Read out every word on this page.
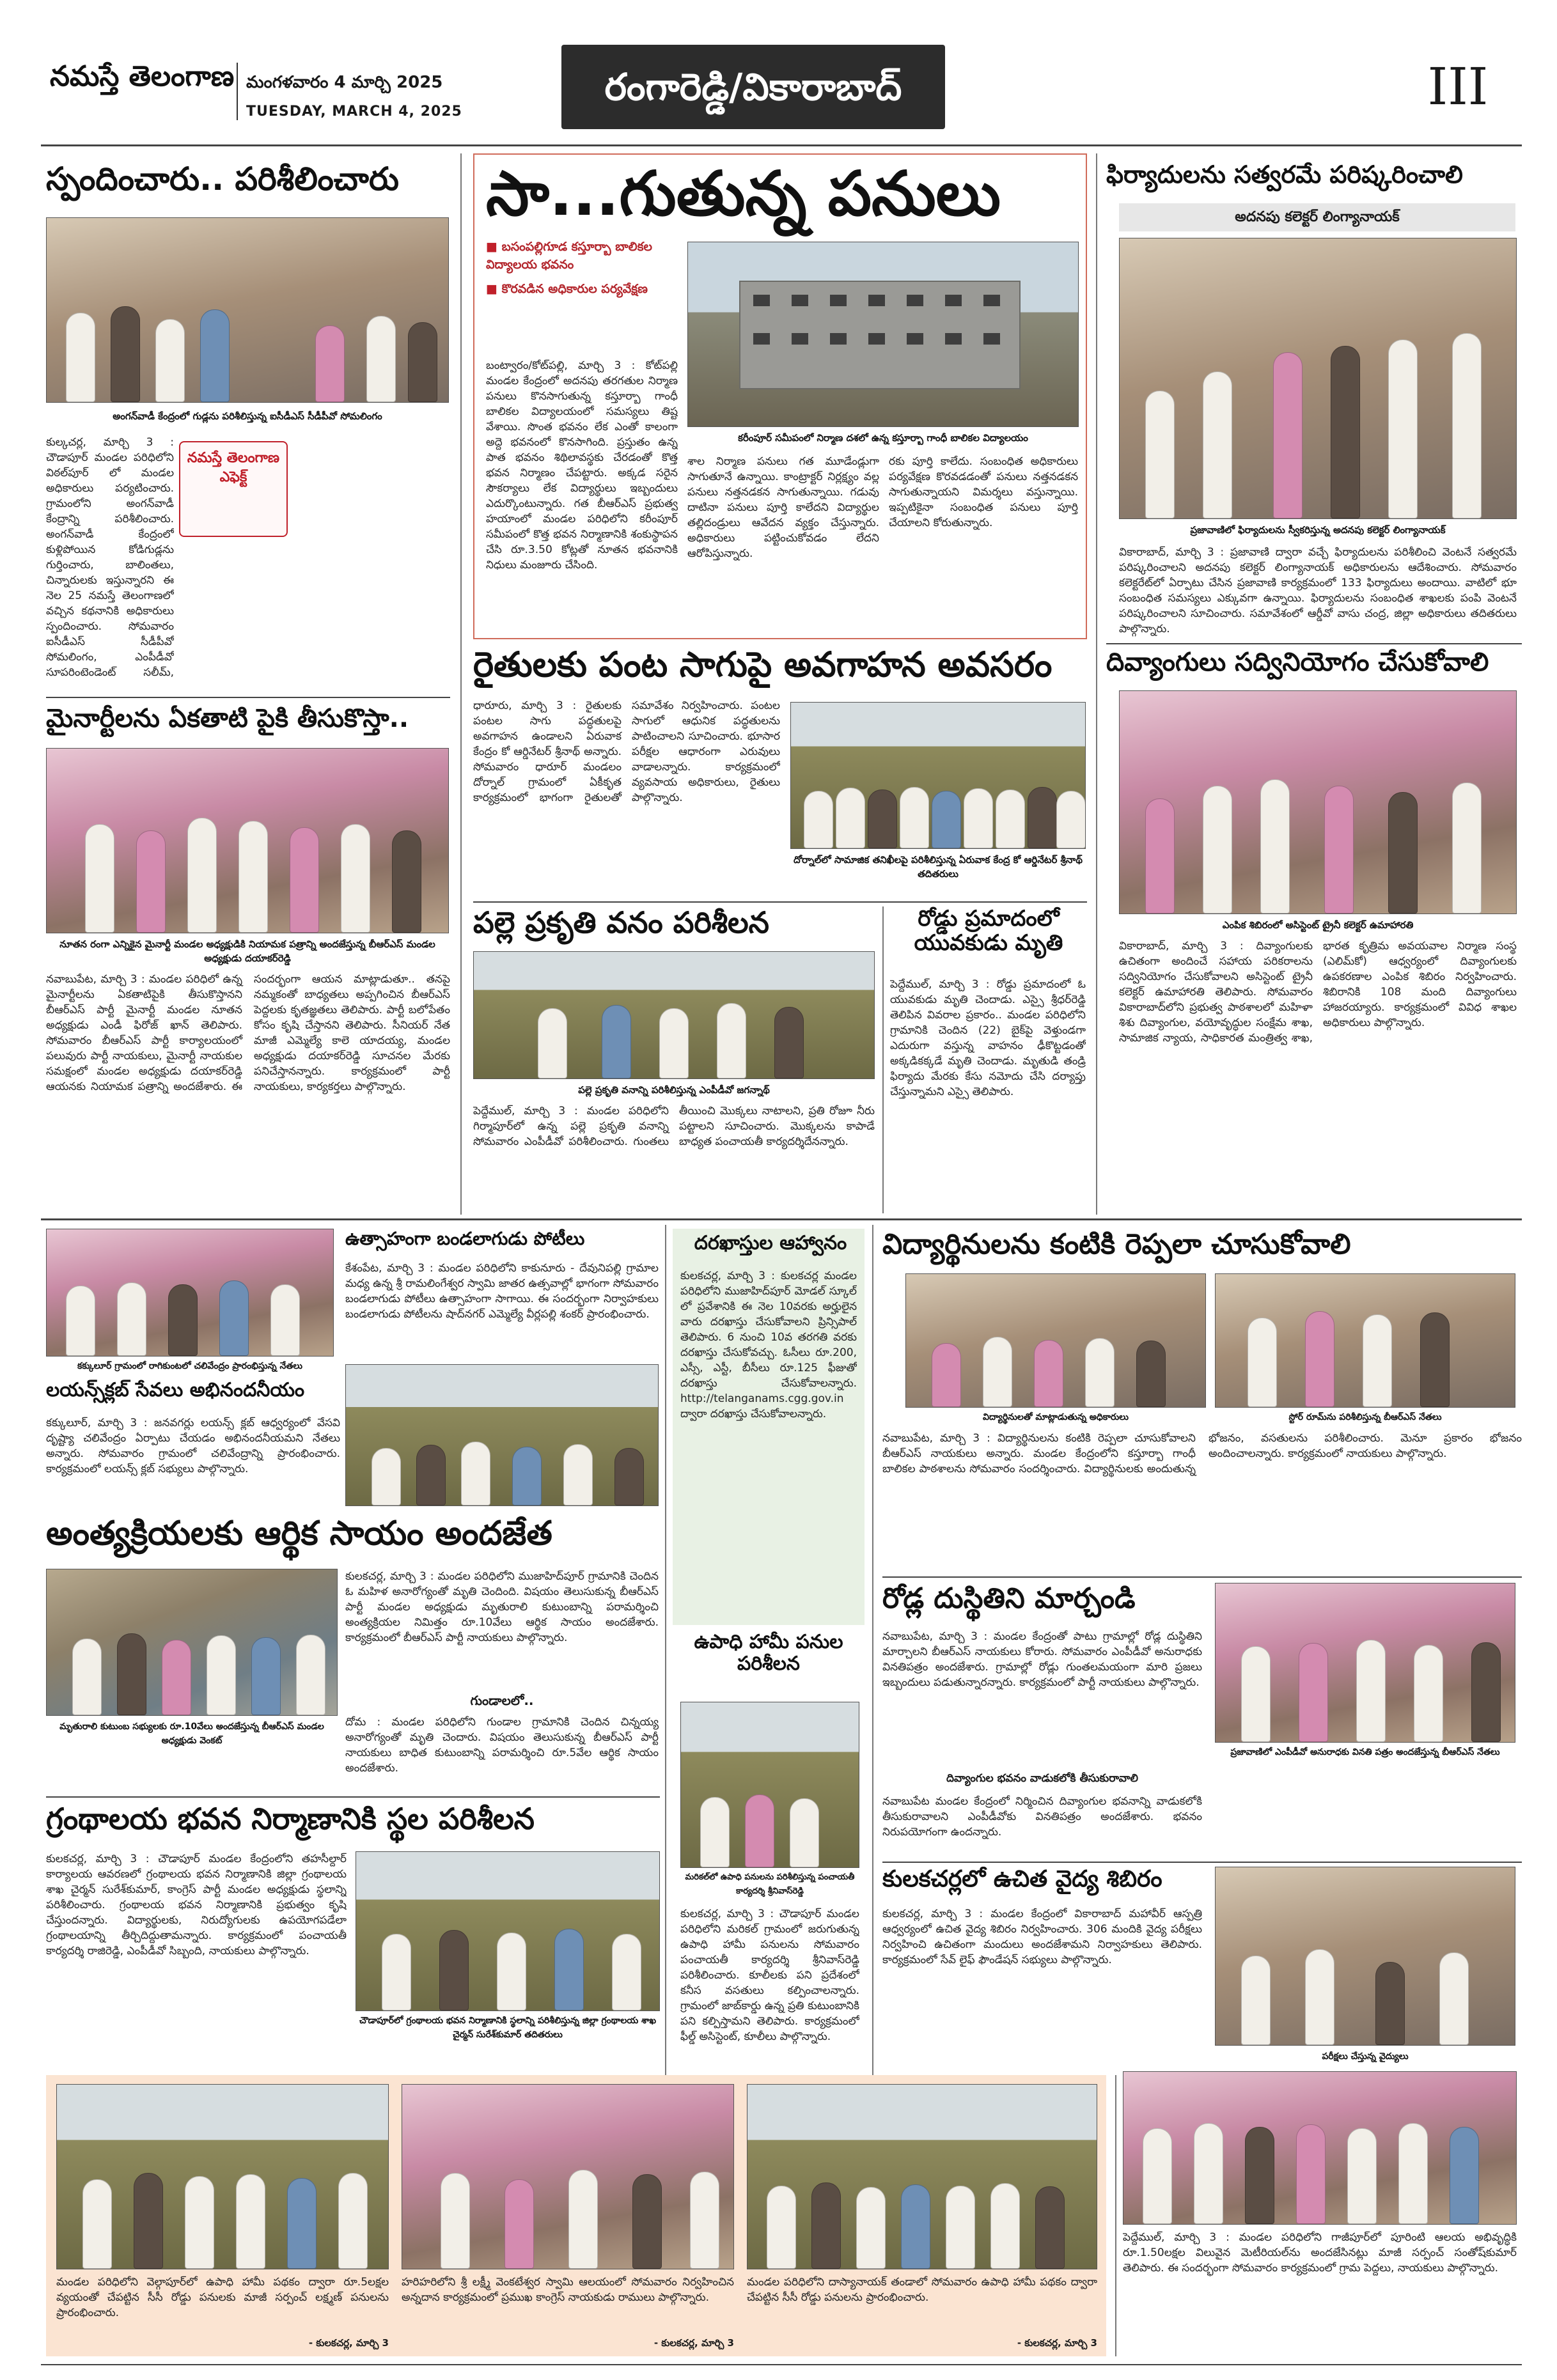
నమస్తే తెలంగాణ మంగళవారం 4 మార్చి 2025
TUESDAY, MARCH 4, 2025
రంగారెడ్డి/వికారాబాద్	III
స్పందించారు.. పరిశీలించారు
అంగన్‌వాడీ కేంద్రంలో గుడ్లను పరిశీలిస్తున్న ఐసీడీఎస్ సీడీపీవో సోమలింగం
నమస్తే తెలంగాణ ఎఫెక్ట్
కుల్కచర్ల, మార్చి 3 : చౌడాపూర్ మండల పరిధిలోని విఠల్‌పూర్ లో మండల అధికారులు పర్యటించారు. గ్రామంలోని అంగన్‌వాడీ కేంద్రాన్ని పరిశీలించారు. అంగన్‌వాడీ కేంద్రంలో కుళ్లిపోయిన కోడిగుడ్లను గుర్తించారు, బాలింతలు, చిన్నారులకు ఇస్తున్నారని ఈ నెల 25 నమస్తే తెలంగాణలో వచ్చిన కథనానికి అధికారులు స్పందించారు. సోమవారం ఐసీడీఎస్ సీడీపీవో సోమలింగం, ఎంపీడీవో సూపరింటెండెంట్ సలీమ్,
మైనార్టీలను ఏకతాటి పైకి తీసుకొస్తా..
నూతన రంగా ఎన్నికైన మైనార్టీ మండల అధ్యక్షుడికి నియామక పత్రాన్ని అందజేస్తున్న బీఆర్ఎస్ మండల అధ్యక్షుడు దయాకర్‌రెడ్డి
నవాబుపేట, మార్చి 3 : మండల పరిధిలో ఉన్న మైనార్టీలను ఏకతాటిపైకి తీసుకొస్తానని బీఆర్ఎస్ పార్టీ మైనార్టీ మండల నూతన అధ్యక్షుడు ఎండీ ఫిరోజ్ ఖాన్ తెలిపారు. సోమవారం బీఆర్ఎస్ పార్టీ కార్యాలయంలో పలువురు పార్టీ నాయకులు, మైనార్టీ నాయకుల సమక్షంలో మండల అధ్యక్షుడు దయాకర్‌రెడ్డి ఆయనకు నియామక పత్రాన్ని అందజేశారు. ఈ సందర్భంగా ఆయన మాట్లాడుతూ.. తనపై నమ్మకంతో బాధ్యతలు అప్పగించిన బీఆర్ఎస్ పెద్దలకు కృతజ్ఞతలు తెలిపారు. పార్టీ బలోపేతం కోసం కృషి చేస్తానని తెలిపారు. సీనియర్ నేత మాజీ ఎమ్మెల్యే కాలె యాదయ్య, మండల అధ్యక్షుడు దయాకర్‌రెడ్డి సూచనల మేరకు పనిచేస్తానన్నారు. కార్యక్రమంలో పార్టీ నాయకులు, కార్యకర్తలు పాల్గొన్నారు.
సా...గుతున్న పనులు
■ బసంపల్లిగూడ కస్తూర్బా బాలికల విద్యాలయ భవనం
■ కొరవడిన అధికారుల పర్యవేక్షణ
కరీంపూర్ సమీపంలో నిర్మాణ దశలో ఉన్న కస్తూర్బా గాంధీ బాలికల విద్యాలయం
బంట్వారం/కోట్‌పల్లి, మార్చి 3 : కోట్‌పల్లి మండల కేంద్రంలో అదనపు తరగతుల నిర్మాణ పనులు కొనసాగుతున్న కస్తూర్బా గాంధీ బాలికల విద్యాలయంలో సమస్యలు తిష్ట వేశాయి. సొంత భవనం లేక ఎంతో కాలంగా అద్దె భవనంలో కొనసాగింది. ప్రస్తుతం ఉన్న పాత భవనం శిథిలావస్థకు చేరడంతో కొత్త భవన నిర్మాణం చేపట్టారు. అక్కడ సరైన సౌకర్యాలు లేక విద్యార్థులు ఇబ్బందులు ఎదుర్కొంటున్నారు. గత బీఆర్ఎస్ ప్రభుత్వ హయాంలో మండల పరిధిలోని కరీంపూర్ సమీపంలో కొత్త భవన నిర్మాణానికి శంకుస్థాపన చేసి రూ.3.50 కోట్లతో నూతన భవనానికి నిధులు మంజూరు చేసింది.
శాల నిర్మాణ పనులు గత మూడేండ్లుగా సాగుతూనే ఉన్నాయి. కాంట్రాక్టర్ నిర్లక్ష్యం వల్ల పనులు నత్తనడకన సాగుతున్నాయి. గడువు దాటినా పనులు పూర్తి కాలేదని విద్యార్థుల తల్లిదండ్రులు ఆవేదన వ్యక్తం చేస్తున్నారు. అధికారులు పట్టించుకోవడం లేదని ఆరోపిస్తున్నారు.
రకు పూర్తి కాలేదు. సంబంధిత అధికారులు పర్యవేక్షణ కొరవడడంతో పనులు నత్తనడకన సాగుతున్నాయని విమర్శలు వస్తున్నాయి. ఇప్పటికైనా సంబంధిత పనులు పూర్తి చేయాలని కోరుతున్నారు.
రైతులకు పంట సాగుపై అవగాహన అవసరం
ధారూరు, మార్చి 3 : రైతులకు పంటల సాగు పద్ధతులపై అవగాహన ఉండాలని ఏరువాక కేంద్రం కో ఆర్డినేటర్ శ్రీనాథ్ అన్నారు. సోమవారం ధారూర్ మండలం దోర్నాల్ గ్రామంలో ఏకీకృత కార్యక్రమంలో భాగంగా రైతులతో సమావేశం నిర్వహించారు. పంటల సాగులో ఆధునిక పద్ధతులను పాటించాలని సూచించారు. భూసార పరీక్షల ఆధారంగా ఎరువులు వాడాలన్నారు. కార్యక్రమంలో వ్యవసాయ అధికారులు, రైతులు పాల్గొన్నారు.
దోర్నాల్‌లో సామాజిక తనిఖీలపై పరిశీలిస్తున్న ఏరువాక కేంద్ర కో ఆర్డినేటర్ శ్రీనాథ్ తదితరులు
పల్లె ప్రకృతి వనం పరిశీలన
పల్లె ప్రకృతి వనాన్ని పరిశీలిస్తున్న ఎంపీడీవో జగన్నాథ్
పెద్దేముల్, మార్చి 3 : మండల పరిధిలోని గిర్మాపూర్‌లో ఉన్న పల్లె ప్రకృతి వనాన్ని సోమవారం ఎంపీడీవో పరిశీలించారు. గుంతలు తీయించి మొక్కలు నాటాలని, ప్రతి రోజూ నీరు పట్టాలని సూచించారు. మొక్కలను కాపాడే బాధ్యత పంచాయతీ కార్యదర్శిదేనన్నారు.
రోడ్డు ప్రమాదంలో యువకుడు మృతి
పెద్దేముల్, మార్చి 3 : రోడ్డు ప్రమాదంలో ఓ యువకుడు మృతి చెందాడు. ఎస్సై శ్రీధర్‌రెడ్డి తెలిపిన వివరాల ప్రకారం.. మండల పరిధిలోని గ్రామానికి చెందిన (22) బైక్‌పై వెళ్తుండగా ఎదురుగా వస్తున్న వాహనం ఢీకొట్టడంతో అక్కడికక్కడే మృతి చెందాడు. మృతుడి తండ్రి ఫిర్యాదు మేరకు కేసు నమోదు చేసి దర్యాప్తు చేస్తున్నామని ఎస్సై తెలిపారు.
ఫిర్యాదులను సత్వరమే పరిష్కరించాలి
అదనపు కలెక్టర్ లింగ్యానాయక్
ప్రజావాణిలో ఫిర్యాదులను స్వీకరిస్తున్న అదనపు కలెక్టర్ లింగ్యానాయక్
వికారాబాద్, మార్చి 3 : ప్రజావాణి ద్వారా వచ్చే ఫిర్యాదులను పరిశీలించి వెంటనే సత్వరమే పరిష్కరించాలని అదనపు కలెక్టర్ లింగ్యానాయక్ అధికారులను ఆదేశించారు. సోమవారం కలెక్టరేట్‌లో ఏర్పాటు చేసిన ప్రజావాణి కార్యక్రమంలో 133 ఫిర్యాదులు అందాయి. వాటిలో భూ సంబంధిత సమస్యలు ఎక్కువగా ఉన్నాయి. ఫిర్యాదులను సంబంధిత శాఖలకు పంపి వెంటనే పరిష్కరించాలని సూచించారు. సమావేశంలో ఆర్డీవో వాసు చంద్ర, జిల్లా అధికారులు తదితరులు పాల్గొన్నారు.
దివ్యాంగులు సద్వినియోగం చేసుకోవాలి
ఎంపిక శిబిరంలో అసిస్టెంట్ ట్రైనీ కలెక్టర్ ఉమాహారతి
వికారాబాద్, మార్చి 3 : దివ్యాంగులకు ఉచితంగా అందించే సహాయ పరికరాలను సద్వినియోగం చేసుకోవాలని అసిస్టెంట్ ట్రైనీ కలెక్టర్ ఉమాహారతి తెలిపారు. సోమవారం వికారాబాద్‌లోని ప్రభుత్వ పాఠశాలలో మహిళా శిశు దివ్యాంగుల, వయోవృద్ధుల సంక్షేమ శాఖ, సామాజిక న్యాయ, సాధికారత మంత్రిత్వ శాఖ, భారత కృత్రిమ అవయవాల నిర్మాణ సంస్థ (ఎలిమ్‌కో) ఆధ్వర్యంలో దివ్యాంగులకు ఉపకరణాల ఎంపిక శిబిరం నిర్వహించారు. శిబిరానికి 108 మంది దివ్యాంగులు హాజరయ్యారు. కార్యక్రమంలో వివిధ శాఖల అధికారులు పాల్గొన్నారు.
కక్కులూర్ గ్రామంలో రాగికుంటలో చలివేంద్రం ప్రారంభిస్తున్న నేతలు
లయన్స్‌క్లబ్ సేవలు అభినందనీయం
కక్కులూర్, మార్చి 3 : జనవగర్లు లయన్స్ క్లబ్ ఆధ్వర్యంలో వేసవి దృష్ట్యా చలివేంద్రం ఏర్పాటు చేయడం అభినందనీయమని నేతలు అన్నారు. సోమవారం గ్రామంలో చలివేంద్రాన్ని ప్రారంభించారు. కార్యక్రమంలో లయన్స్ క్లబ్ సభ్యులు పాల్గొన్నారు.
ఉత్సాహంగా బండలాగుడు పోటీలు
కేశంపేట, మార్చి 3 : మండల పరిధిలోని కాకునూరు - దేవునిపల్లి గ్రామాల మధ్య ఉన్న శ్రీ రామలింగేశ్వర స్వామి జాతర ఉత్సవాల్లో భాగంగా సోమవారం బండలాగుడు పోటీలు ఉత్సాహంగా సాగాయి. ఈ సందర్భంగా నిర్వాహకులు బండలాగుడు పోటీలను షాద్‌నగర్ ఎమ్మెల్యే వీర్లపల్లి శంకర్ ప్రారంభించారు.
దరఖాస్తుల ఆహ్వానం
కులకచర్ల, మార్చి 3 : కులకచర్ల మండల పరిధిలోని ముజాహిద్‌పూర్ మోడల్ స్కూల్ లో ప్రవేశానికి ఈ నెల 10వరకు అర్హులైన వారు దరఖాస్తు చేసుకోవాలని ప్రిన్సిపాల్ తెలిపారు. 6 నుంచి 10వ తరగతి వరకు దరఖాస్తు చేసుకోవచ్చు. ఓసీలు రూ.200, ఎస్సీ, ఎస్టీ, బీసీలు రూ.125 ఫీజుతో దరఖాస్తు చేసుకోవాలన్నారు. http://telanganams.cgg.gov.in ద్వారా దరఖాస్తు చేసుకోవాలన్నారు.
విద్యార్థినులను కంటికి రెప్పలా చూసుకోవాలి
విద్యార్థినులతో మాట్లాడుతున్న అధికారులు	స్టోర్ రూమ్‌ను పరిశీలిస్తున్న బీఆర్ఎస్ నేతలు
నవాబుపేట, మార్చి 3 : విద్యార్థినులను కంటికి రెప్పలా చూసుకోవాలని బీఆర్ఎస్ నాయకులు అన్నారు. మండల కేంద్రంలోని కస్తూర్బా గాంధీ బాలికల పాఠశాలను సోమవారం సందర్శించారు. విద్యార్థినులకు అందుతున్న భోజనం, వసతులను పరిశీలించారు. మెనూ ప్రకారం భోజనం అందించాలన్నారు. కార్యక్రమంలో నాయకులు పాల్గొన్నారు.
అంత్యక్రియలకు ఆర్థిక సాయం అందజేత
మృతురాలి కుటుంబ సభ్యులకు రూ.10వేలు అందజేస్తున్న బీఆర్ఎస్ మండల అధ్యక్షుడు వెంకట్
కులకచర్ల, మార్చి 3 : మండల పరిధిలోని ముజాహిద్‌పూర్ గ్రామానికి చెందిన ఓ మహిళ అనారోగ్యంతో మృతి చెందింది. విషయం తెలుసుకున్న బీఆర్ఎస్ పార్టీ మండల అధ్యక్షుడు మృతురాలి కుటుంబాన్ని పరామర్శించి అంత్యక్రియల నిమిత్తం రూ.10వేలు ఆర్థిక సాయం అందజేశారు. కార్యక్రమంలో బీఆర్ఎస్ పార్టీ నాయకులు పాల్గొన్నారు.
గుండాలలో..
దోమ : మండల పరిధిలోని గుండాల గ్రామానికి చెందిన చిన్నయ్య అనారోగ్యంతో మృతి చెందారు. విషయం తెలుసుకున్న బీఆర్ఎస్ పార్టీ నాయకులు బాధిత కుటుంబాన్ని పరామర్శించి రూ.5వేల ఆర్థిక సాయం అందజేశారు.
గ్రంథాలయ భవన నిర్మాణానికి స్థల పరిశీలన
కులకచర్ల, మార్చి 3 : చౌడాపూర్ మండల కేంద్రంలోని తహసీల్దార్ కార్యాలయ ఆవరణలో గ్రంథాలయ భవన నిర్మాణానికి జిల్లా గ్రంథాలయ శాఖ చైర్మన్ సురేశ్‌కుమార్, కాంగ్రెస్ పార్టీ మండల అధ్యక్షుడు స్థలాన్ని పరిశీలించారు. గ్రంథాలయ భవన నిర్మాణానికి ప్రభుత్వం కృషి చేస్తుందన్నారు. విద్యార్థులకు, నిరుద్యోగులకు ఉపయోగపడేలా గ్రంథాలయాన్ని తీర్చిదిద్దుతామన్నారు. కార్యక్రమంలో పంచాయతీ కార్యదర్శి రాజిరెడ్డి, ఎంపీడీవో సిబ్బంది, నాయకులు పాల్గొన్నారు.
చౌడాపూర్‌లో గ్రంథాలయ భవన నిర్మాణానికి స్థలాన్ని పరిశీలిస్తున్న జిల్లా గ్రంథాలయ శాఖ చైర్మన్ సురేశ్‌కుమార్ తదితరులు
ఉపాధి హామీ పనుల పరిశీలన
మరికల్‌లో ఉపాధి పనులను పరిశీలిస్తున్న పంచాయతీ కార్యదర్శి శ్రీనివాస్‌రెడ్డి
కులకచర్ల, మార్చి 3 : చౌడాపూర్ మండల పరిధిలోని మరికల్ గ్రామంలో జరుగుతున్న ఉపాధి హామీ పనులను సోమవారం పంచాయతీ కార్యదర్శి శ్రీనివాస్‌రెడ్డి పరిశీలించారు. కూలీలకు పని ప్రదేశంలో కనీస వసతులు కల్పించాలన్నారు. గ్రామంలో జాబ్‌కార్డు ఉన్న ప్రతి కుటుంబానికి పని కల్పిస్తామని తెలిపారు. కార్యక్రమంలో ఫీల్డ్ అసిస్టెంట్, కూలీలు పాల్గొన్నారు.
రోడ్ల దుస్థితిని మార్చండి
నవాబుపేట, మార్చి 3 : మండల కేంద్రంతో పాటు గ్రామాల్లో రోడ్ల దుస్థితిని మార్చాలని బీఆర్ఎస్ నాయకులు కోరారు. సోమవారం ఎంపీడీవో అనురాధకు వినతిపత్రం అందజేశారు. గ్రామాల్లో రోడ్లు గుంతలమయంగా మారి ప్రజలు ఇబ్బందులు పడుతున్నారన్నారు. కార్యక్రమంలో పార్టీ నాయకులు పాల్గొన్నారు.
దివ్యాంగుల భవనం వాడుకలోకి తీసుకురావాలి
నవాబుపేట మండల కేంద్రంలో నిర్మించిన దివ్యాంగుల భవనాన్ని వాడుకలోకి తీసుకురావాలని ఎంపీడీవోకు వినతిపత్రం అందజేశారు. భవనం నిరుపయోగంగా ఉందన్నారు.
ప్రజావాణిలో ఎంపీడీవో అనురాధకు వినతి పత్రం అందజేస్తున్న బీఆర్ఎస్ నేతలు
కులకచర్లలో ఉచిత వైద్య శిబిరం
కులకచర్ల, మార్చి 3 : మండల కేంద్రంలో వికారాబాద్ మహావీర్ ఆస్పత్రి ఆధ్వర్యంలో ఉచిత వైద్య శిబిరం నిర్వహించారు. 306 మందికి వైద్య పరీక్షలు నిర్వహించి ఉచితంగా మందులు అందజేశామని నిర్వాహకులు తెలిపారు. కార్యక్రమంలో సేవ్ లైఫ్ ఫౌండేషన్ సభ్యులు పాల్గొన్నారు.
పరీక్షలు చేస్తున్న వైద్యులు
మండల పరిధిలోని వెల్గాపూర్‌లో ఉపాధి హామీ పథకం ద్వారా రూ.5లక్షల వ్యయంతో చేపట్టిన సీసీ రోడ్డు పనులకు మాజీ సర్పంచ్ లక్ష్మణ్ పనులను ప్రారంభించారు.
- కులకచర్ల, మార్చి 3
హరిహరిలోని శ్రీ లక్ష్మీ వెంకటేశ్వర స్వామి ఆలయంలో సోమవారం నిర్వహించిన అన్నదాన కార్యక్రమంలో ప్రముఖ కాంగ్రెస్ నాయకుడు రాములు పాల్గొన్నారు.
- కులకచర్ల, మార్చి 3
మండల పరిధిలోని దాస్యానాయక్ తండాలో సోమవారం ఉపాధి హామీ పథకం ద్వారా చేపట్టిన సీసీ రోడ్డు పనులను ప్రారంభించారు.
- కులకచర్ల, మార్చి 3
పెద్దేముల్, మార్చి 3 : మండల పరిధిలోని గాజీపూర్‌లో పూరింటి ఆలయ అభివృద్ధికి రూ.1.50లక్షల విలువైన మెటీరియల్‌ను అందజేసినట్లు మాజీ సర్పంచ్ సంతోష్‌కుమార్ తెలిపారు. ఈ సందర్భంగా సోమవారం కార్యక్రమంలో గ్రామ పెద్దలు, నాయకులు పాల్గొన్నారు.
